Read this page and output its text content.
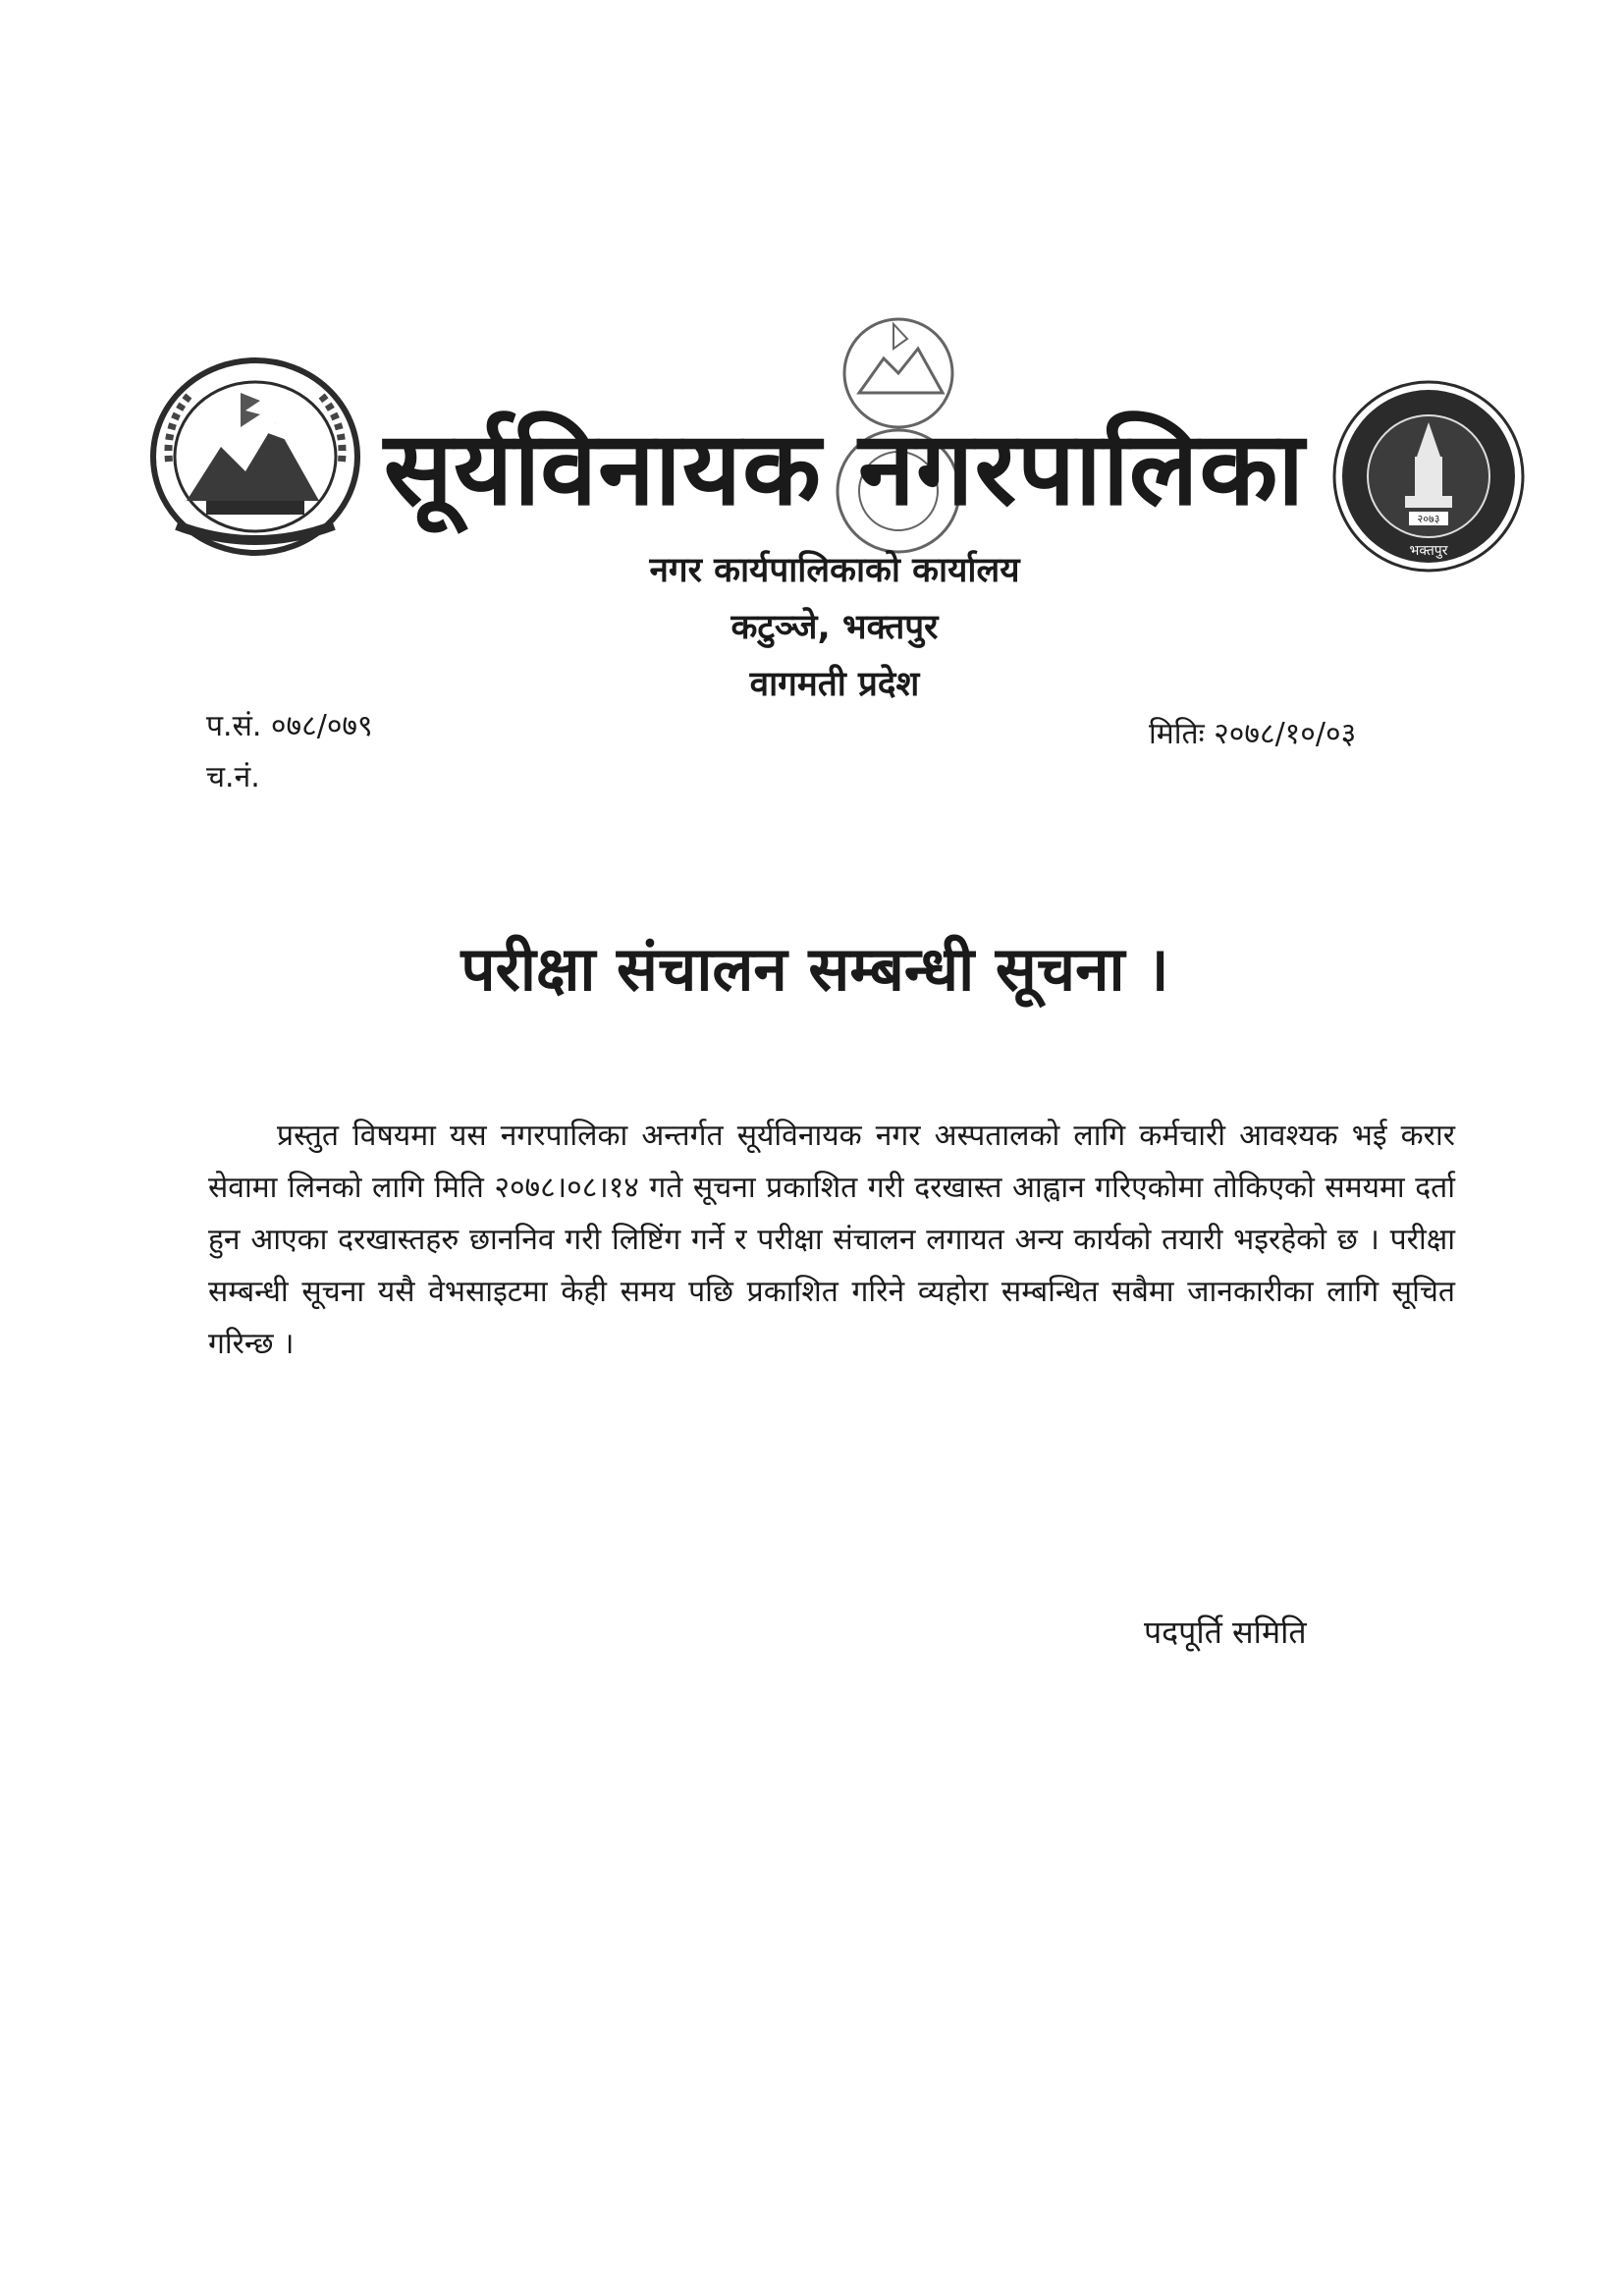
२०७३
भक्तपुर
सूर्यविनायक नगरपालिका
नगर कार्यपालिकाको कार्यालय
कटुञ्जे, भक्तपुर
वागमती प्रदेश
प.सं. ०७८/०७९
च.नं.
मितिः २०७८/१०/०३
परीक्षा संचालन सम्बन्धी सूचना ।
प्रस्तुत विषयमा यस नगरपालिका अन्तर्गत सूर्यविनायक नगर अस्पतालको लागि कर्मचारी आवश्यक भई करार सेवामा लिनको लागि मिति २०७८।०८।१४ गते सूचना प्रकाशित गरी दरखास्त आह्वान गरिएकोमा तोकिएको समयमा दर्ता हुन आएका दरखास्तहरु छाननिव गरी लिष्टिंग गर्ने र परीक्षा संचालन लगायत अन्य कार्यको तयारी भइरहेको छ । परीक्षा सम्बन्धी सूचना यसै वेभसाइटमा केही समय पछि प्रकाशित गरिने व्यहोरा सम्बन्धित सबैमा जानकारीका लागि सूचित गरिन्छ ।
पदपूर्ति समिति
